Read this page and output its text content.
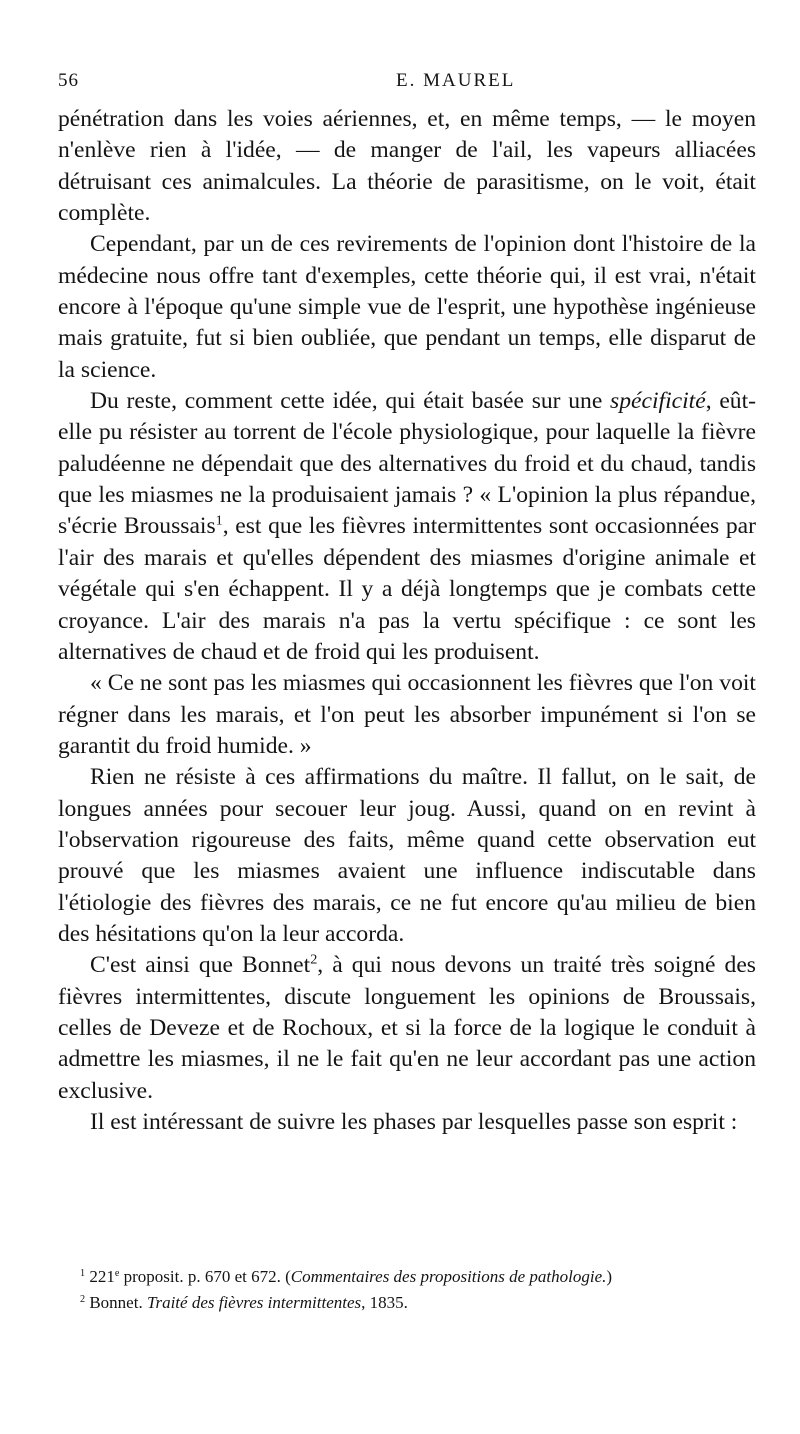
56	E. MAUREL

pénétration dans les voies aériennes, et, en même temps, — le moyen n'enlève rien à l'idée, — de manger de l'ail, les vapeurs alliacées détruisant ces animalcules. La théorie de parasitisme, on le voit, était complète.

Cependant, par un de ces revirements de l'opinion dont l'histoire de la médecine nous offre tant d'exemples, cette théorie qui, il est vrai, n'était encore à l'époque qu'une simple vue de l'esprit, une hypothèse ingénieuse mais gratuite, fut si bien oubliée, que pendant un temps, elle disparut de la science.

Du reste, comment cette idée, qui était basée sur une spécificité, eût-elle pu résister au torrent de l'école physiologique, pour laquelle la fièvre paludéenne ne dépendait que des alternatives du froid et du chaud, tandis que les miasmes ne la produisaient jamais ? « L'opinion la plus répandue, s'écrie Broussais$^1$, est que les fièvres intermittentes sont occasionnées par l'air des marais et qu'elles dépendent des miasmes d'origine animale et végétale qui s'en échappent. Il y a déjà longtemps que je combats cette croyance. L'air des marais n'a pas la vertu spécifique : ce sont les alternatives de chaud et de froid qui les produisent.

« Ce ne sont pas les miasmes qui occasionnent les fièvres que l'on voit régner dans les marais, et l'on peut les absorber impunément si l'on se garantit du froid humide. »

Rien ne résiste à ces affirmations du maître. Il fallut, on le sait, de longues années pour secouer leur joug. Aussi, quand on en revint à l'observation rigoureuse des faits, même quand cette observation eut prouvé que les miasmes avaient une influence indiscutable dans l'étiologie des fièvres des marais, ce ne fut encore qu'au milieu de bien des hésitations qu'on la leur accorda.

C'est ainsi que Bonnet$^2$, à qui nous devons un traité très soigné des fièvres intermittentes, discute longuement les opinions de Broussais, celles de Deveze et de Rochoux, et si la force de la logique le conduit à admettre les miasmes, il ne le fait qu'en ne leur accordant pas une action exclusive.

Il est intéressant de suivre les phases par lesquelles passe son esprit :

$^1$ 221e proposit. p. 670 et 672. (Commentaires des propositions de pathologie.)

$^2$ Bonnet. Traité des fièvres intermittentes, 1835.
